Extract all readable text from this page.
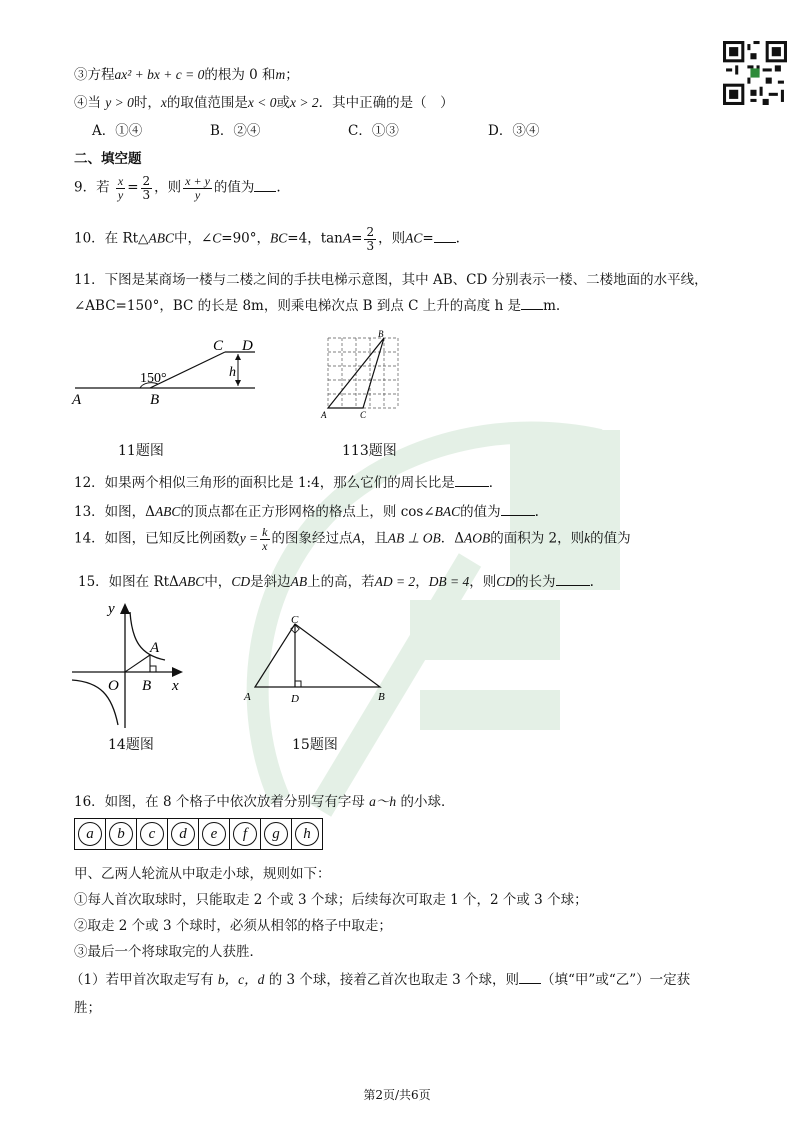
③方程ax² + bx + c = 0的根为 0 和m；
④当 y > 0时，x的取值范围是x < 0或x > 2．其中正确的是（　）
A．①④	B．②④	C．①③	D．③④
二、填空题
9．若 $\frac{x}{y} = \frac{2}{3}$ ，则 $\frac{x + y}{y}$ 的值为 .
10．在 Rt△ABC中，∠C=90°，BC=4，$\tan A= \frac{2}{3}$ ，则AC= .
11．下图是某商场一楼与二楼之间的手扶电梯示意图，其中 AB、CD 分别表示一楼、二楼地面的水平线，
∠ABC=150°，BC 的长是 8m，则乘电梯次点 B 到点 C 上升的高度 h 是 m.
150°
A	B
C D
h
11题图
A
B
C
113题图
12．如果两个相似三角形的面积比是 1:4，那么它们的周长比是	．
13．如图，ΔABC的顶点都在正方形网格的格点上，则 cos∠BAC的值为	.
14．如图，已知反比例函数$y = \frac{k}{x}$ 的图象经过点A，且AB ⊥ OB．ΔAOB的面积为 2，则k的值为
15．如图在 RtΔABC中，CD是斜边AB上的高，若AD = 2，DB = 4，则CD的长为	.
A
B
O
y
x
14题图
A	B
C
D
15题图
16．如图，在 8 个格子中依次放着分别写有字母 a～h 的小球．
a	b	c	d	e	f	g	h
甲、乙两人轮流从中取走小球，规则如下：
①每人首次取球时，只能取走 2 个或 3 个球；后续每次可取走 1 个，2 个或 3 个球；
②取走 2 个或 3 个球时，必须从相邻的格子中取走；
③最后一个将球取完的人获胜．
（1）若甲首次取走写有 b，c，d 的 3 个球，接着乙首次也取走 3 个球，则 （填“甲”或“乙”）一定获
胜；
第2页/共6页
